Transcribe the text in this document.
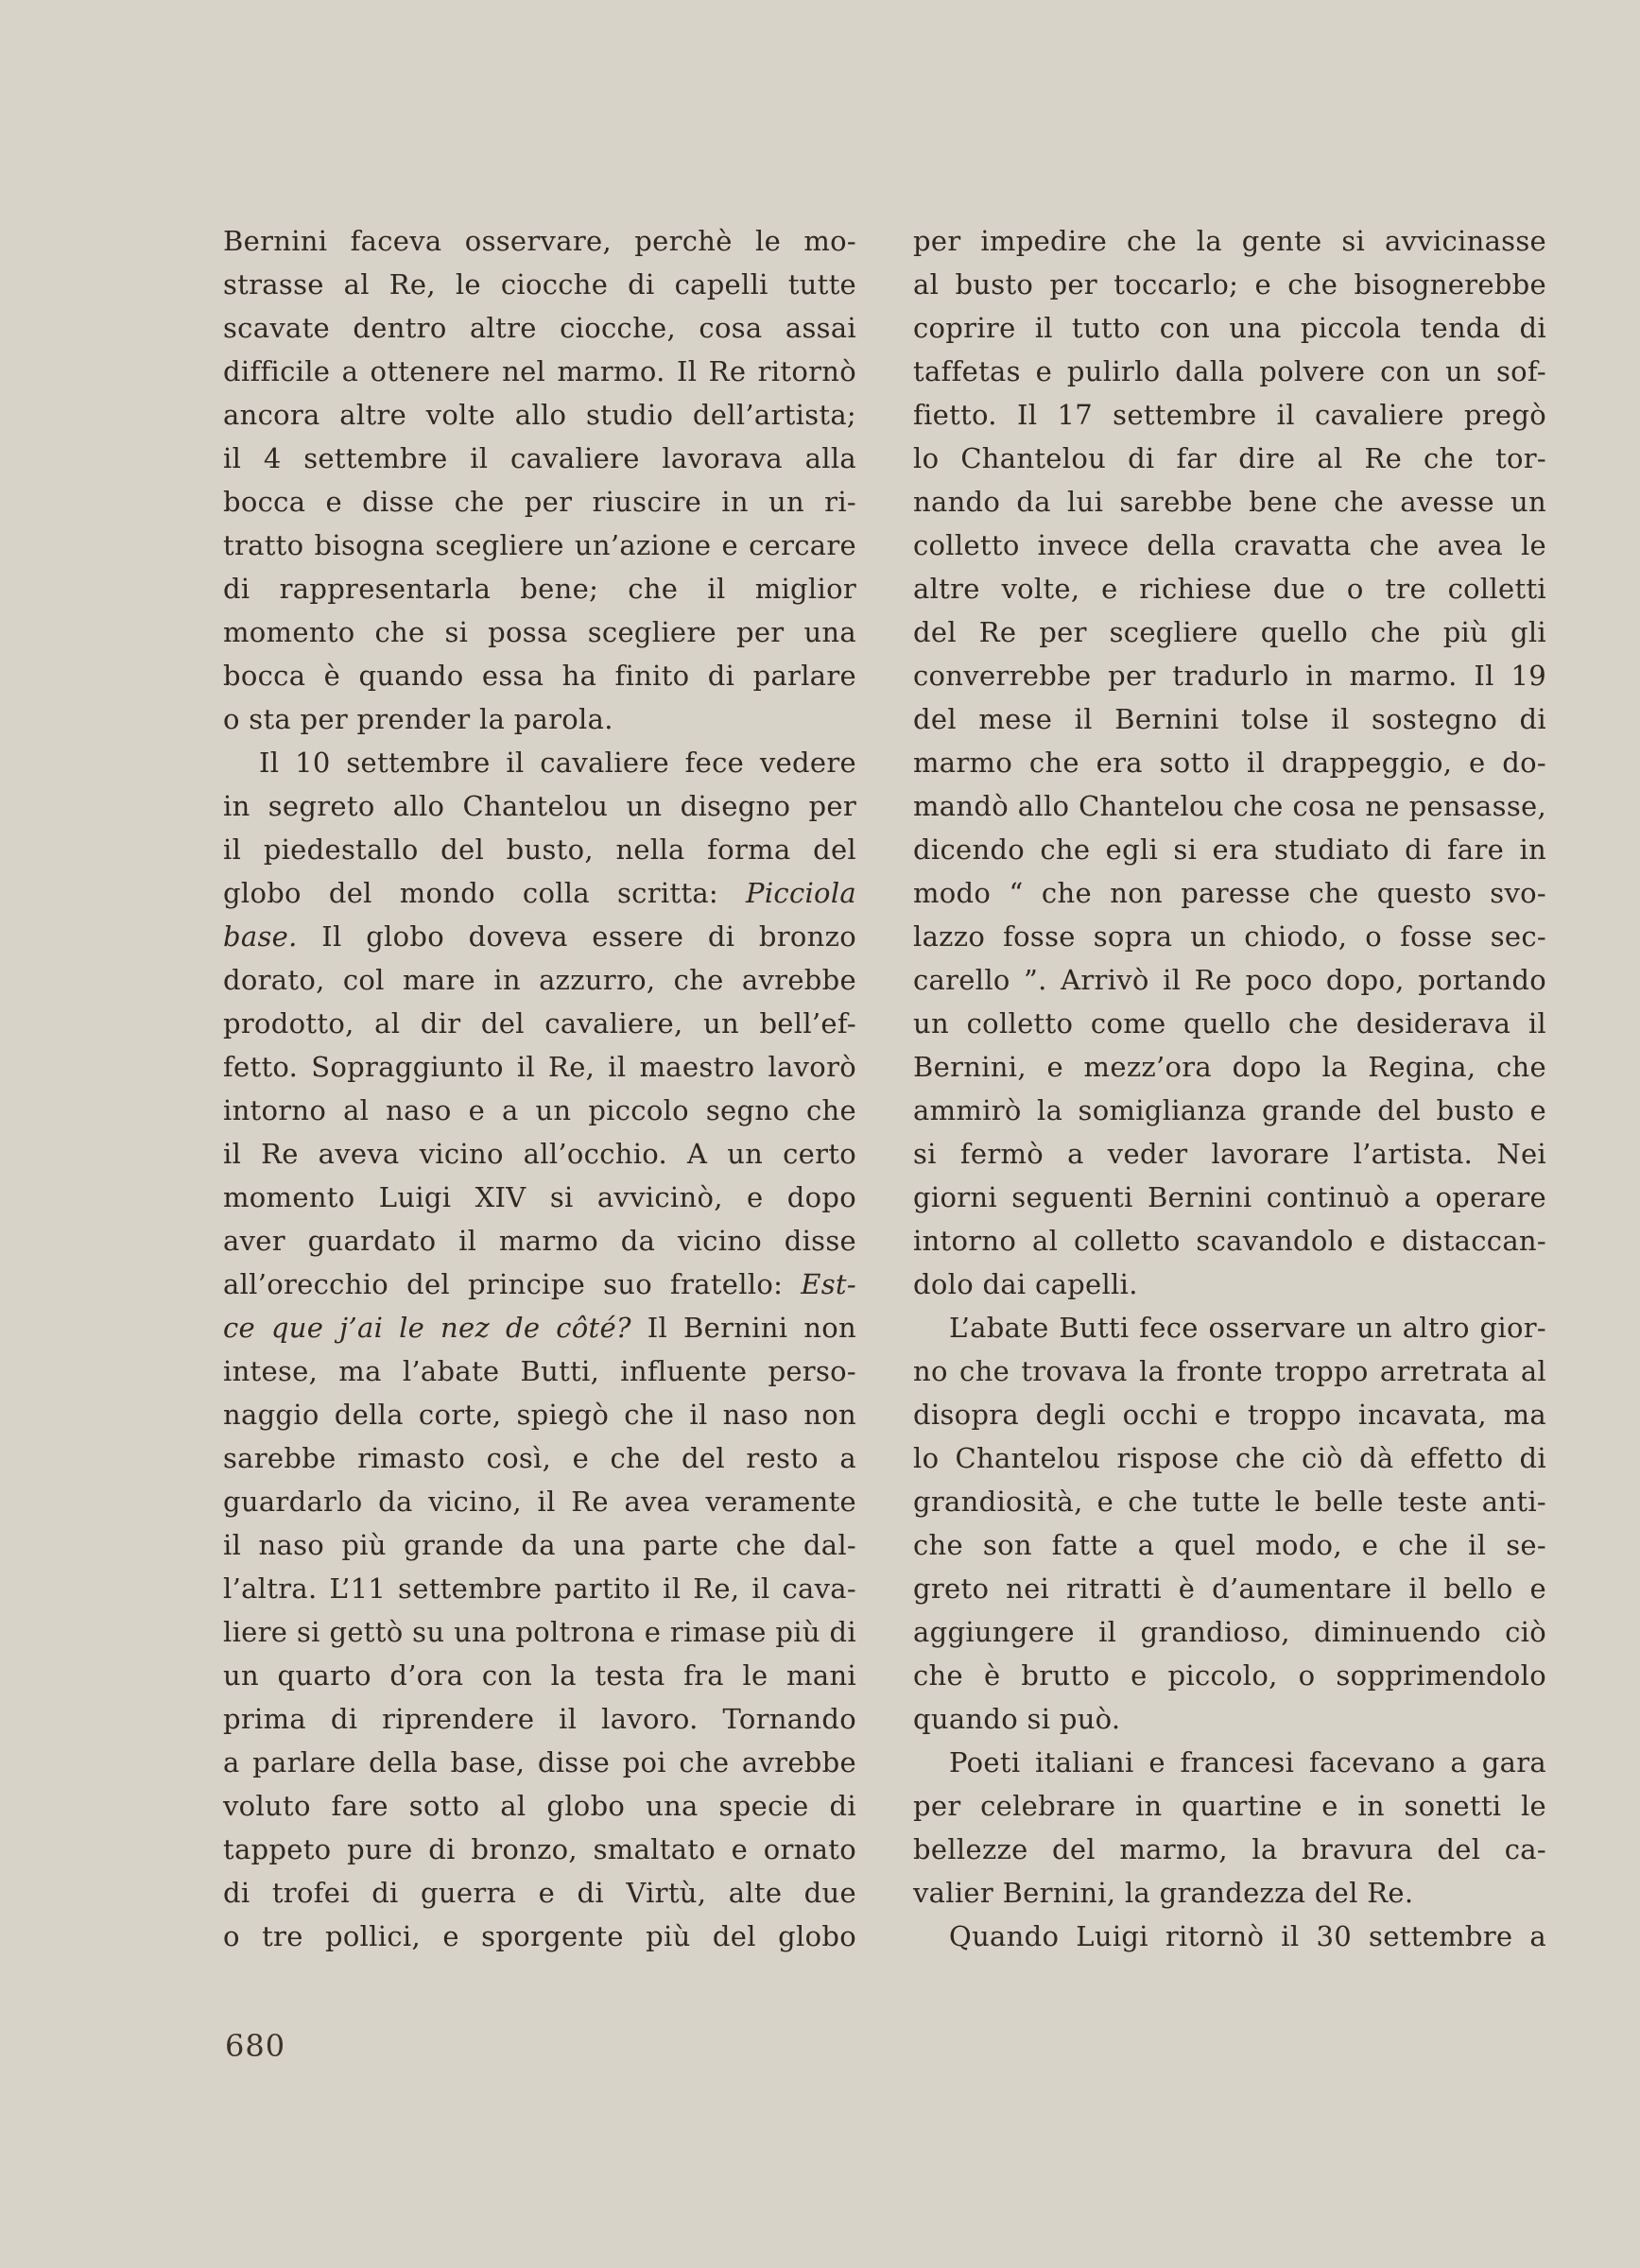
Bernini faceva osservare, perchè le mo-
strasse al Re, le ciocche di capelli tutte
scavate dentro altre ciocche, cosa assai
difficile a ottenere nel marmo. Il Re ritornò
ancora altre volte allo studio dell’artista;
il 4 settembre il cavaliere lavorava alla
bocca e disse che per riuscire in un ri-
tratto bisogna scegliere un’azione e cercare
di rappresentarla bene; che il miglior
momento che si possa scegliere per una
bocca è quando essa ha finito di parlare
o sta per prender la parola.
Il 10 settembre il cavaliere fece vedere
in segreto allo Chantelou un disegno per
il piedestallo del busto, nella forma del
globo del mondo colla scritta: Picciola
base. Il globo doveva essere di bronzo
dorato, col mare in azzurro, che avrebbe
prodotto, al dir del cavaliere, un bell’ef-
fetto. Sopraggiunto il Re, il maestro lavorò
intorno al naso e a un piccolo segno che
il Re aveva vicino all’occhio. A un certo
momento Luigi XIV si avvicinò, e dopo
aver guardato il marmo da vicino disse
all’orecchio del principe suo fratello: Est-
ce que j’ai le nez de côté? Il Bernini non
intese, ma l’abate Butti, influente perso-
naggio della corte, spiegò che il naso non
sarebbe rimasto così, e che del resto a
guardarlo da vicino, il Re avea veramente
il naso più grande da una parte che dal-
l’altra. L’11 settembre partito il Re, il cava-
liere si gettò su una poltrona e rimase più di
un quarto d’ora con la testa fra le mani
prima di riprendere il lavoro. Tornando
a parlare della base, disse poi che avrebbe
voluto fare sotto al globo una specie di
tappeto pure di bronzo, smaltato e ornato
di trofei di guerra e di Virtù, alte due
o tre pollici, e sporgente più del globo
per impedire che la gente si avvicinasse
al busto per toccarlo; e che bisognerebbe
coprire il tutto con una piccola tenda di
taffetas e pulirlo dalla polvere con un sof-
fietto. Il 17 settembre il cavaliere pregò
lo Chantelou di far dire al Re che tor-
nando da lui sarebbe bene che avesse un
colletto invece della cravatta che avea le
altre volte, e richiese due o tre colletti
del Re per scegliere quello che più gli
converrebbe per tradurlo in marmo. Il 19
del mese il Bernini tolse il sostegno di
marmo che era sotto il drappeggio, e do-
mandò allo Chantelou che cosa ne pensasse,
dicendo che egli si era studiato di fare in
modo “ che non paresse che questo svo-
lazzo fosse sopra un chiodo, o fosse sec-
carello ”. Arrivò il Re poco dopo, portando
un colletto come quello che desiderava il
Bernini, e mezz’ora dopo la Regina, che
ammirò la somiglianza grande del busto e
si fermò a veder lavorare l’artista. Nei
giorni seguenti Bernini continuò a operare
intorno al colletto scavandolo e distaccan-
dolo dai capelli.
L’abate Butti fece osservare un altro gior-
no che trovava la fronte troppo arretrata al
disopra degli occhi e troppo incavata, ma
lo Chantelou rispose che ciò dà effetto di
grandiosità, e che tutte le belle teste anti-
che son fatte a quel modo, e che il se-
greto nei ritratti è d’aumentare il bello e
aggiungere il grandioso, diminuendo ciò
che è brutto e piccolo, o sopprimendolo
quando si può.
Poeti italiani e francesi facevano a gara
per celebrare in quartine e in sonetti le
bellezze del marmo, la bravura del ca-
valier Bernini, la grandezza del Re.
Quando Luigi ritornò il 30 settembre a
680
